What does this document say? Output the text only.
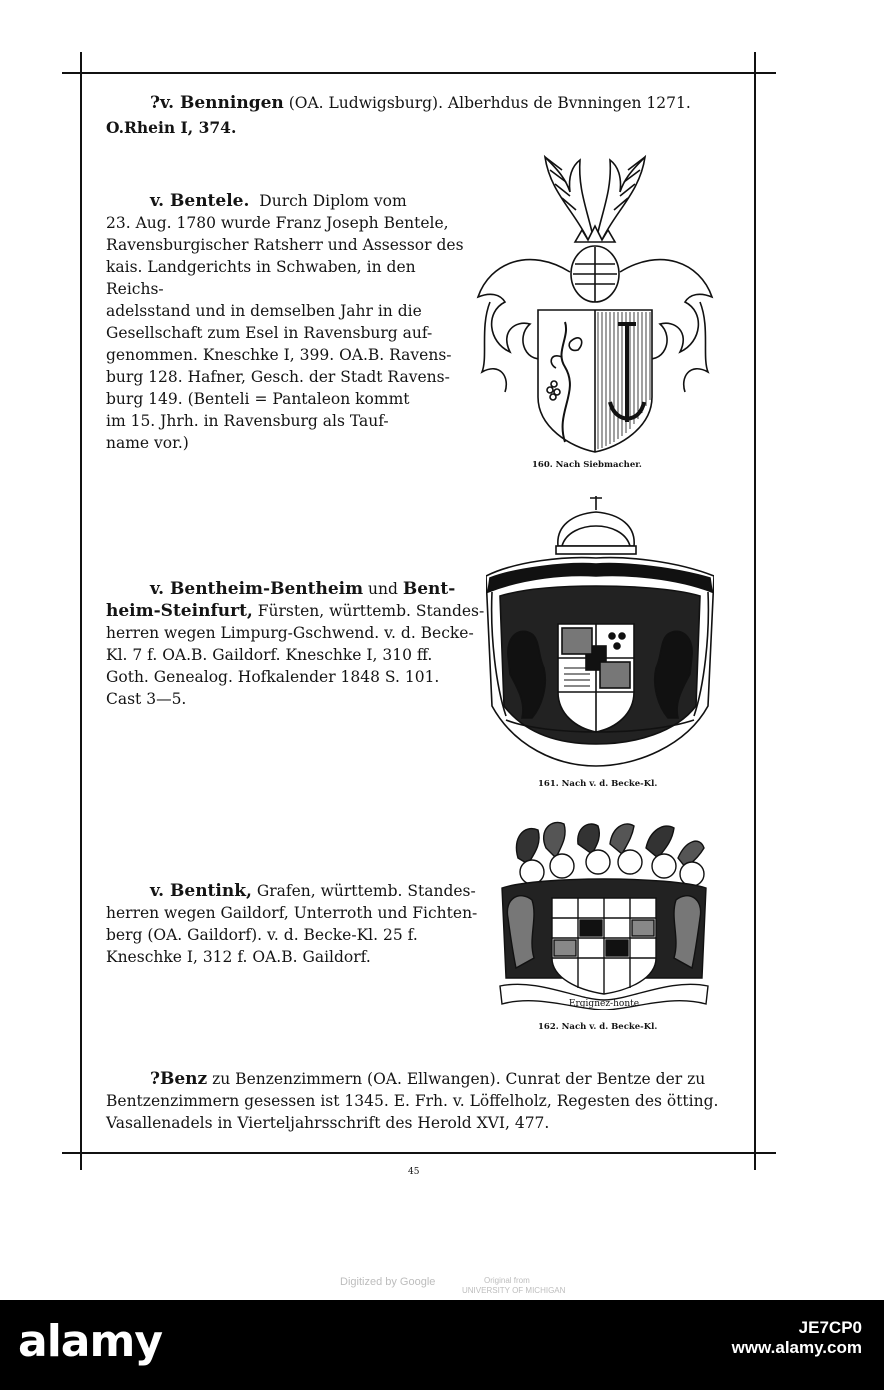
?v. Benningen (OA. Ludwigsburg). Alberhdus de Bvnningen 1271.

O.Rhein I, 374.

v. Bentele. Durch Diplom vom
23. Aug. 1780 wurde Franz Joseph Bentele,
Ravensburgischer Ratsherr und Assessor des
kais. Landgerichts in Schwaben, in den Reichs-
adelsstand und in demselben Jahr in die
Gesellschaft zum Esel in Ravensburg auf-
genommen. Kneschke I, 399. OA.B. Ravens-
burg 128. Hafner, Gesch. der Stadt Ravens-
burg 149. (Benteli = Pantaleon kommt
im 15. Jhrh. in Ravensburg als Tauf-
name vor.)
160. Nach Siebmacher.
v. Bentheim-Bentheim und Bent-
heim-Steinfurt, Fürsten, württemb. Standes-
herren wegen Limpurg-Gschwend. v. d. Becke-
Kl. 7 f. OA.B. Gaildorf. Kneschke I, 310 ff.
Goth. Genealog. Hofkalender 1848 S. 101.
Cast 3—5.
161. Nach v. d. Becke-Kl.
v. Bentink, Grafen, württemb. Standes-
herren wegen Gaildorf, Unterroth und Fichten-
berg (OA. Gaildorf). v. d. Becke-Kl. 25 f.
Kneschke I, 312 f. OA.B. Gaildorf.
Ergignez-honte
162. Nach v. d. Becke-Kl.
?Benz zu Benzenzimmern (OA. Ellwangen). Cunrat der Bentze der zu
Bentzenzimmern gesessen ist 1345. E. Frh. v. Löffelholz, Regesten des ötting.
Vasallenadels in Vierteljahrsschrift des Herold XVI, 477.
45
Digitized by Google	Original from
UNIVERSITY OF MICHIGAN
alamy	JE7CP0
www.alamy.com
